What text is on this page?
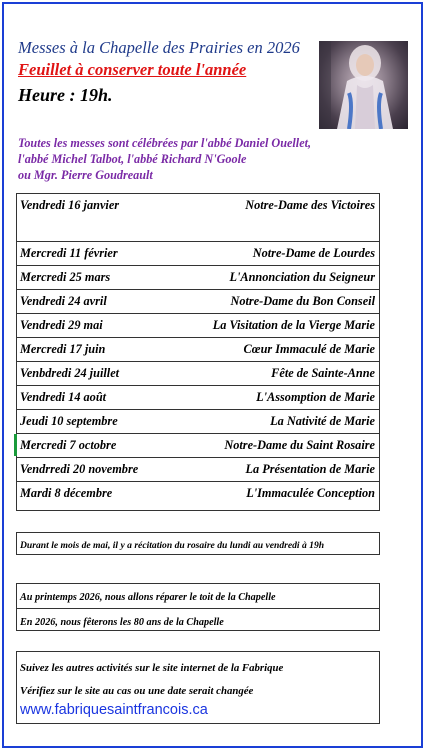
Messes à la Chapelle des Prairies en 2026
Feuillet à conserver toute l'année
Heure : 19h.
Toutes les messes sont célébrées par l'abbé Daniel Ouellet,
l'abbé Michel Talbot, l'abbé Richard N'Goole
ou Mgr. Pierre Goudreault
Vendredi 16 janvier	Notre-Dame des Victoires
Mercredi 11 février	Notre-Dame de Lourdes
Mercredi 25 mars	L'Annonciation du Seigneur
Vendredi 24 avril	Notre-Dame du Bon Conseil
Vendredi 29 mai	La Visitation de la Vierge Marie
Mercredi 17 juin	Cœur Immaculé de Marie
Venbdredi 24 juillet	Fête de Sainte-Anne
Vendredi 14 août	L'Assomption de Marie
Jeudi 10 septembre	La Nativité de Marie
Mercredi 7 octobre	Notre-Dame du Saint Rosaire
Vendrredi 20 novembre	La Présentation de Marie
Mardi 8 décembre	L'Immaculée Conception
Durant le mois de mai, il y a récitation du rosaire du lundi au vendredi à 19h
Au printemps 2026, nous allons réparer le toit de la Chapelle
En 2026, nous fêterons les 80 ans de la Chapelle
Suivez les autres activités sur le site internet de la Fabrique
Vérifiez sur le site au cas ou une date serait changée
www.fabriquesaintfrancois.ca
